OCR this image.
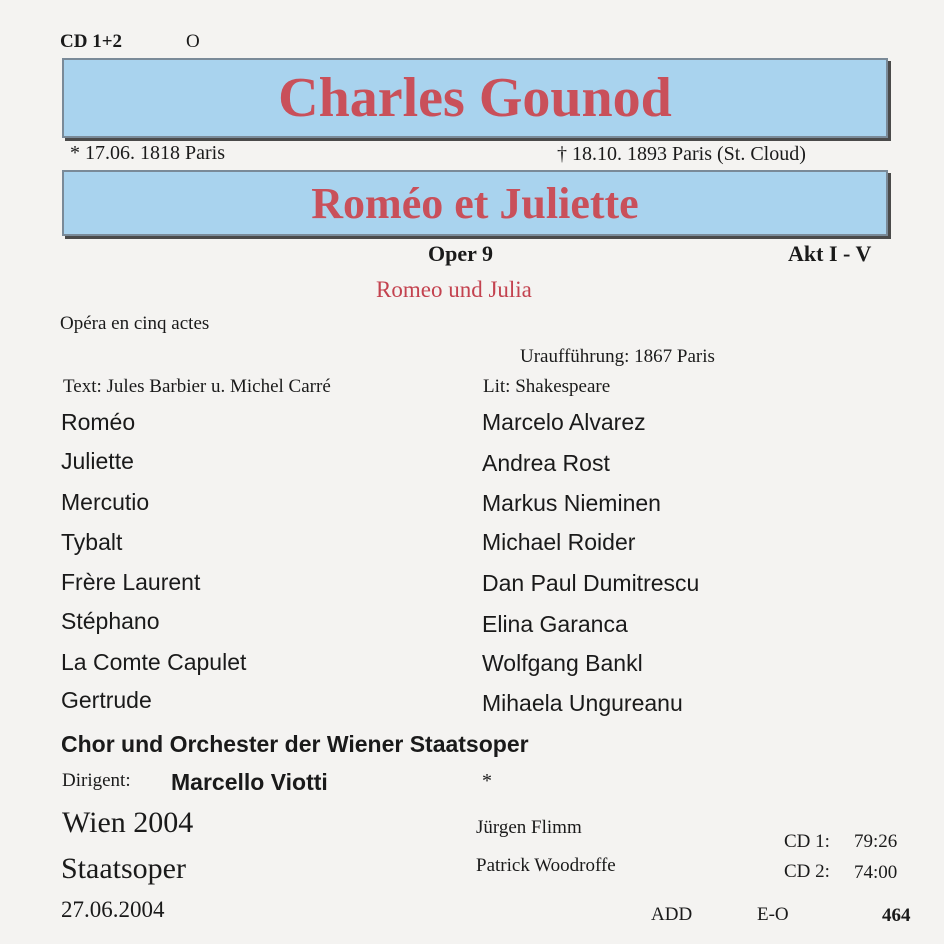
CD 1+2	O
Charles Gounod
* 17.06. 1818 Paris	† 18.10. 1893 Paris (St. Cloud)
Roméo et Juliette
Oper 9	Akt I - V
Romeo und Julia
Opéra en cinq actes
Uraufführung: 1867 Paris
Text: Jules Barbier u. Michel Carré	Lit: Shakespeare
Roméo	Marcelo Alvarez
Juliette	Andrea Rost
Mercutio	Markus Nieminen
Tybalt	Michael Roider
Frère Laurent	Dan Paul Dumitrescu
Stéphano	Elina Garanca
La Comte Capulet	Wolfgang Bankl
Gertrude	Mihaela Ungureanu
Chor und Orchester der Wiener Staatsoper
Dirigent: Marcello Viotti	*
Wien 2004
Staatsoper
27.06.2004
Jürgen Flimm
Patrick Woodroffe
CD 1: 79:26
CD 2: 74:00
ADD	E-O	464
